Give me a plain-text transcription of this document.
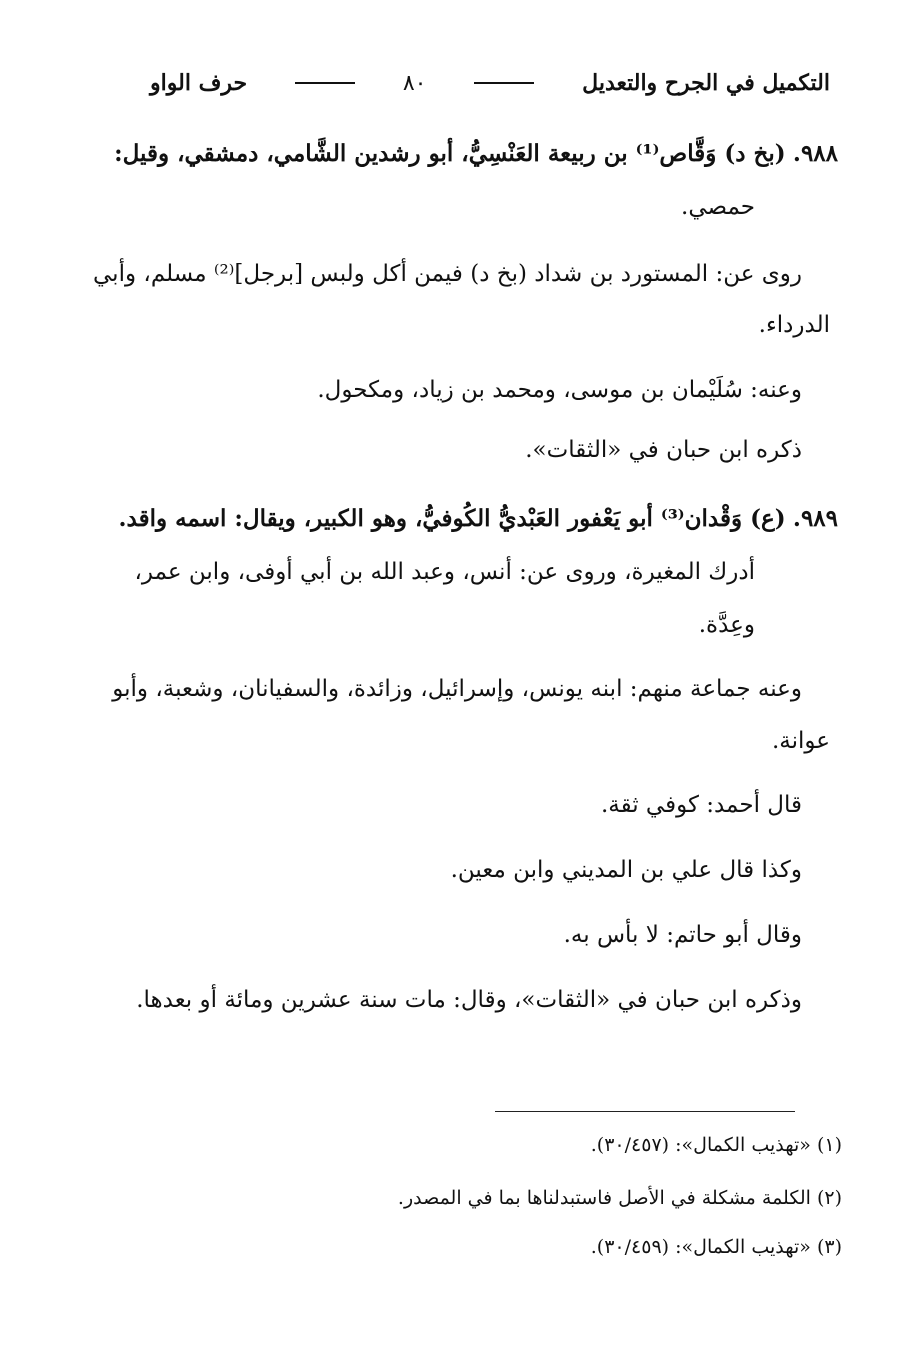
التكميل في الجرح والتعديل
٨٠
حرف الواو
٩٨٨. (بخ د) وَقَّاص⁽¹⁾ بن ربيعة العَنْسِيُّ، أبو رشدين الشَّامي، دمشقي، وقيل:
حمصي.
روى عن: المستورد بن شداد (بخ د) فيمن أكل ولبس [برجل]⁽²⁾ مسلم، وأبي
الدرداء.
وعنه: سُلَيْمان بن موسى، ومحمد بن زياد، ومكحول.
ذكره ابن حبان في «الثقات».
٩٨٩. (ع) وَقْدان⁽³⁾ أبو يَعْفور العَبْديُّ الكُوفيُّ، وهو الكبير، ويقال: اسمه واقد.
أدرك المغيرة، وروى عن: أنس، وعبد الله بن أبي أوفى، وابن عمر،
وعِدَّة.
وعنه جماعة منهم: ابنه يونس، وإسرائيل، وزائدة، والسفيانان، وشعبة، وأبو
عوانة.
قال أحمد: كوفي ثقة.
وكذا قال علي بن المديني وابن معين.
وقال أبو حاتم: لا بأس به.
وذكره ابن حبان في «الثقات»، وقال: مات سنة عشرين ومائة أو بعدها.
(١) «تهذيب الكمال»: (٣٠/٤٥٧).
(٢) الكلمة مشكلة في الأصل فاستبدلناها بما في المصدر.
(٣) «تهذيب الكمال»: (٣٠/٤٥٩).
